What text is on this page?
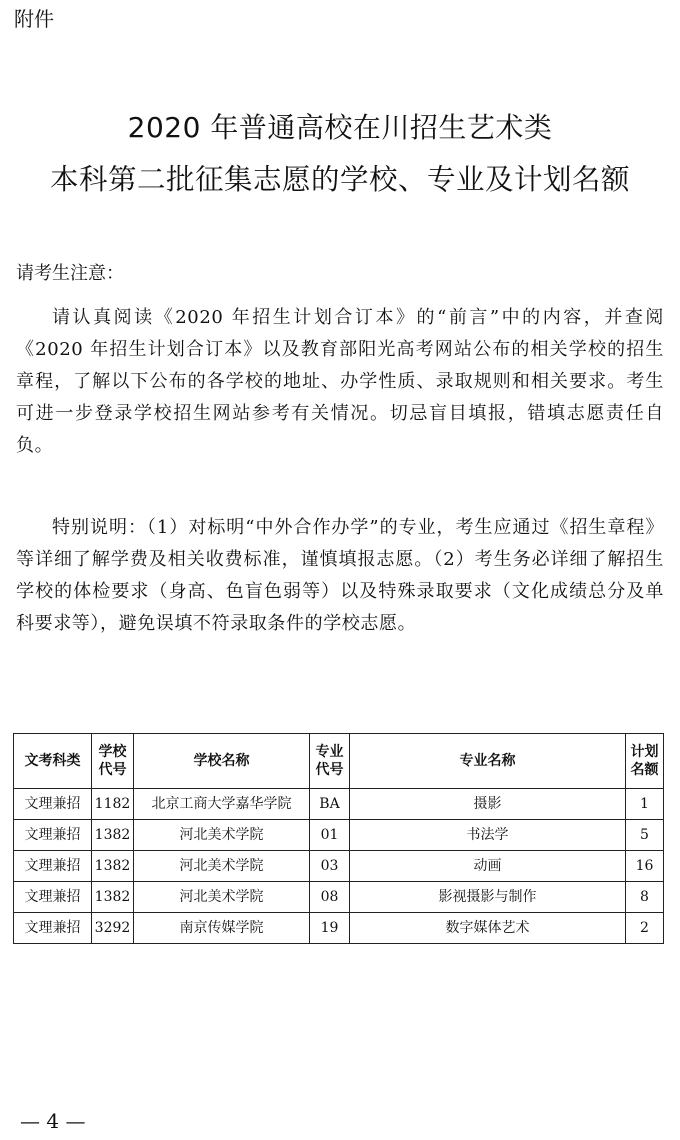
附件
2020 年普通高校在川招生艺术类
本科第二批征集志愿的学校、专业及计划名额
请考生注意：
请认真阅读《2020 年招生计划合订本》的“前言”中的内容，并查阅《2020 年招生计划合订本》以及教育部阳光高考网站公布的相关学校的招生章程，了解以下公布的各学校的地址、办学性质、录取规则和相关要求。考生可进一步登录学校招生网站参考有关情况。切忌盲目填报，错填志愿责任自负。
特别说明：（1）对标明“中外合作办学”的专业，考生应通过《招生章程》等详细了解学费及相关收费标准，谨慎填报志愿。（2）考生务必详细了解招生学校的体检要求（身高、色盲色弱等）以及特殊录取要求（文化成绩总分及单科要求等），避免误填不符录取条件的学校志愿。
文考科类	学校代号	学校名称	专业代号	专业名称	计划名额
文理兼招	1182	北京工商大学嘉华学院	BA	摄影	1
文理兼招	1382	河北美术学院	01	书法学	5
文理兼招	1382	河北美术学院	03	动画	16
文理兼招	1382	河北美术学院	08	影视摄影与制作	8
文理兼招	3292	南京传媒学院	19	数字媒体艺术	2
— 4 —
